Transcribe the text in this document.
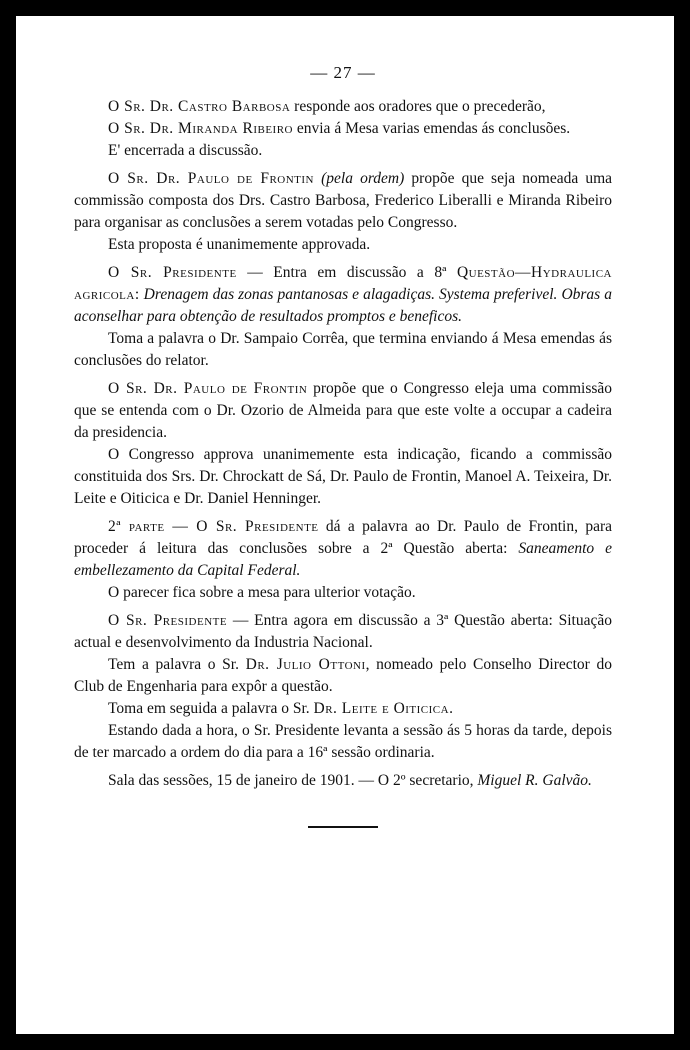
— 27 —

O Sr. Dr. Castro Barbosa responde aos oradores que o precederão,

O Sr. Dr. Miranda Ribeiro envia á Mesa varias emendas ás conclusões.

E' encerrada a discussão.

O Sr. Dr. Paulo de Frontin (pela ordem) propõe que seja nomeada uma commissão composta dos Drs. Castro Barbosa, Frederico Liberalli e Miranda Ribeiro para organisar as conclusões a serem votadas pelo Congresso.

Esta proposta é unanimemente approvada.

O Sr. Presidente — Entra em discussão a 8ª Questão—Hydraulica agricola: Drenagem das zonas pantanosas e alagadiças. Systema preferivel. Obras a aconselhar para obtenção de resultados promptos e beneficos.

Toma a palavra o Dr. Sampaio Corrêa, que termina enviando á Mesa emendas ás conclusões do relator.

O Sr. Dr. Paulo de Frontin propõe que o Congresso eleja uma commissão que se entenda com o Dr. Ozorio de Almeida para que este volte a occupar a cadeira da presidencia.

O Congresso approva unanimemente esta indicação, ficando a commissão constituida dos Srs. Dr. Chrockatt de Sá, Dr. Paulo de Frontin, Manoel A. Teixeira, Dr. Leite e Oiticica e Dr. Daniel Henninger.

2ª parte — O Sr. Presidente dá a palavra ao Dr. Paulo de Frontin, para proceder á leitura das conclusões sobre a 2ª Questão aberta: Saneamento e embellezamento da Capital Federal.

O parecer fica sobre a mesa para ulterior votação.

O Sr. Presidente — Entra agora em discussão a 3ª Questão aberta: Situação actual e desenvolvimento da Industria Nacional.

Tem a palavra o Sr. Dr. Julio Ottoni, nomeado pelo Conselho Director do Club de Engenharia para expôr a questão.

Toma em seguida a palavra o Sr. Dr. Leite e Oiticica.

Estando dada a hora, o Sr. Presidente levanta a sessão ás 5 horas da tarde, depois de ter marcado a ordem do dia para a 16ª sessão ordinaria.

Sala das sessões, 15 de janeiro de 1901. — O 2º secretario, Miguel R. Galvão.
